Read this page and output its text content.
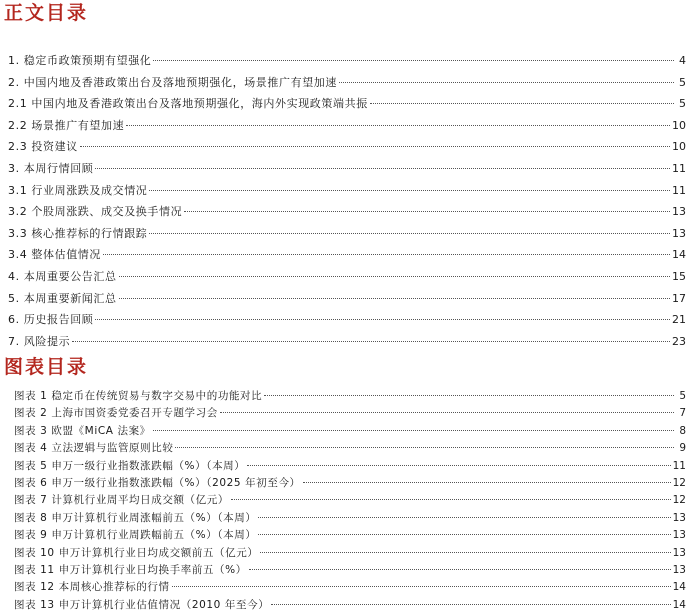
正文目录
1. 稳定币政策预期有望强化	4
2. 中国内地及香港政策出台及落地预期强化，场景推广有望加速	5
2.1 中国内地及香港政策出台及落地预期强化，海内外实现政策端共振	5
2.2 场景推广有望加速	10
2.3 投资建议	10
3. 本周行情回顾	11
3.1 行业周涨跌及成交情况	11
3.2 个股周涨跌、成交及换手情况	13
3.3 核心推荐标的行情跟踪	13
3.4 整体估值情况	14
4. 本周重要公告汇总	15
5. 本周重要新闻汇总	17
6. 历史报告回顾	21
7. 风险提示	23
图表目录
图表 1 稳定币在传统贸易与数字交易中的功能对比	5
图表 2 上海市国资委党委召开专题学习会	7
图表 3 欧盟《MiCA 法案》	8
图表 4 立法逻辑与监管原则比较	9
图表 5 申万一级行业指数涨跌幅（%）（本周）	11
图表 6 申万一级行业指数涨跌幅（%）（2025 年初至今）	12
图表 7 计算机行业周平均日成交额（亿元）	12
图表 8 申万计算机行业周涨幅前五（%）（本周）	13
图表 9 申万计算机行业周跌幅前五（%）（本周）	13
图表 10 申万计算机行业日均成交额前五（亿元）	13
图表 11 申万计算机行业日均换手率前五（%）	13
图表 12 本周核心推荐标的行情	14
图表 13 申万计算机行业估值情况（2010 年至今）	14
